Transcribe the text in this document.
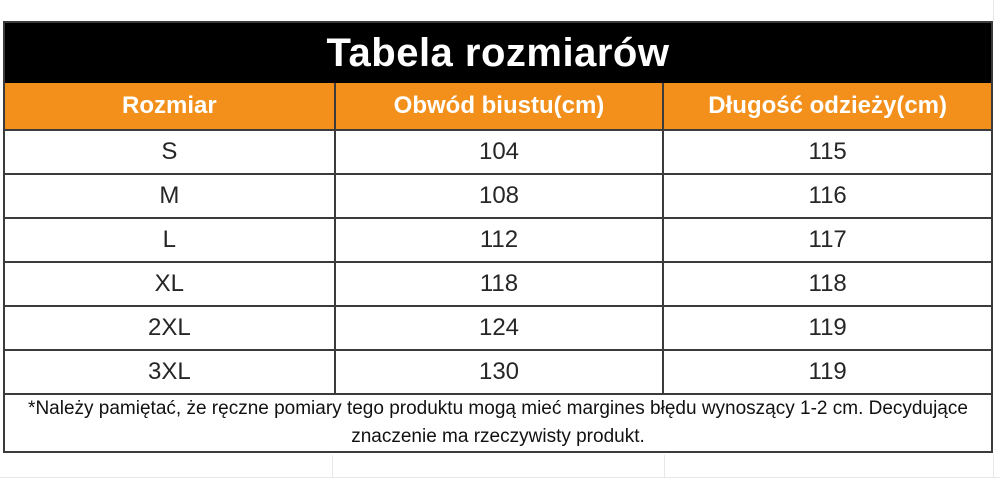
Tabela rozmiarów
Rozmiar	Obwód biustu(cm)	Długość odzieży(cm)
S	104	115
M	108	116
L	112	117
XL	118	118
2XL	124	119
3XL	130	119
*Należy pamiętać, że ręczne pomiary tego produktu mogą mieć margines błędu wynoszący 1-2 cm. Decydujące znaczenie ma rzeczywisty produkt.
